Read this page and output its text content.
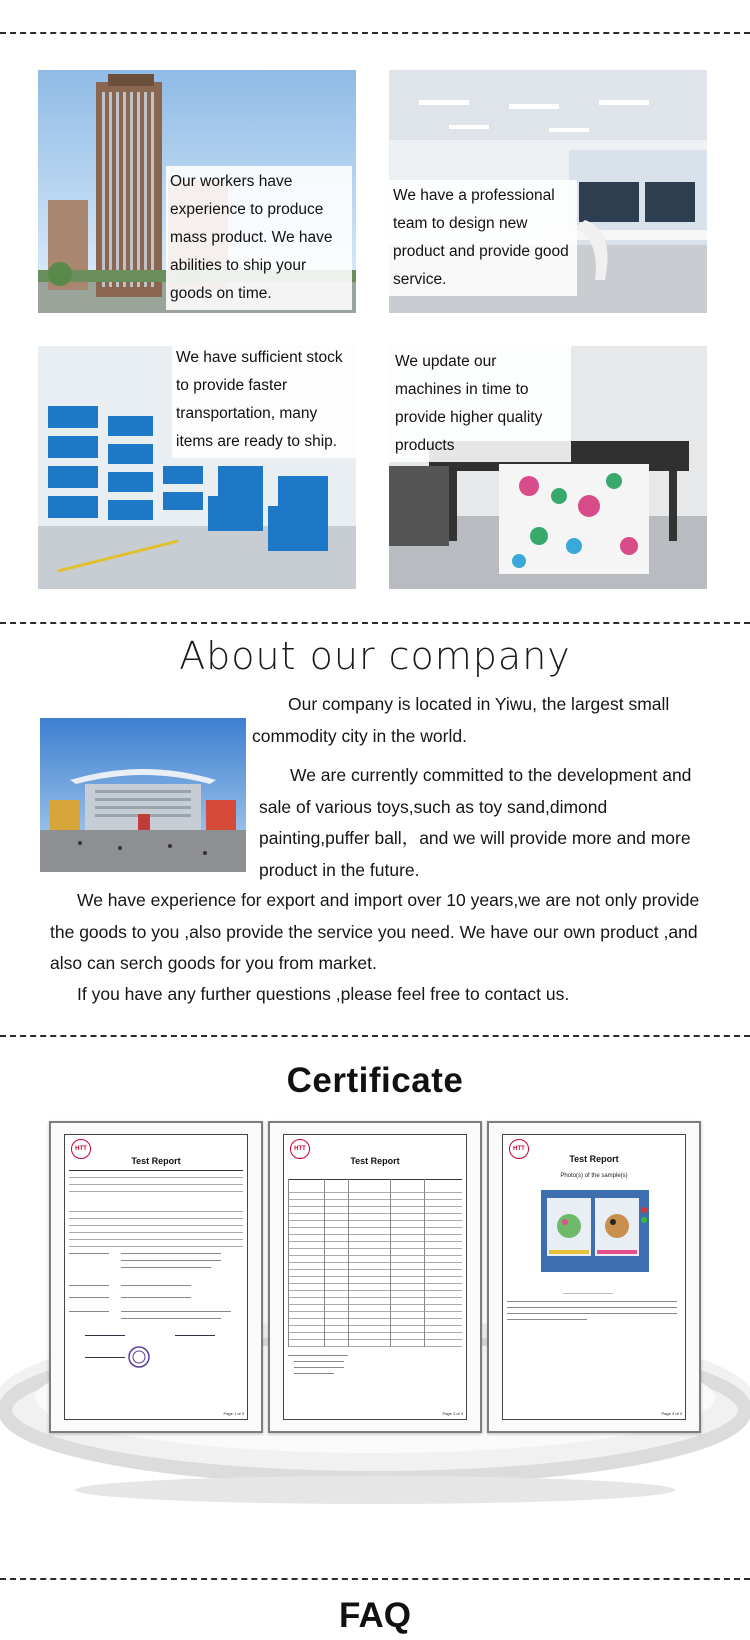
Our workers have experience to produce mass product. We have abilities to ship your goods on time.
We have a professional team to design new product and provide good service.
We have sufficient stock to provide faster transportation, many items are ready to ship.
We update our machines in time to provide higher quality products
About our company
Our company is located in Yiwu, the largest small commodity city in the world.
We are currently committed to the development and sale of various toys,such as toy sand,dimond painting,puffer ball，and we will provide more and more product in the future.
We have experience for export and import over 10 years,we are not only provide the goods to you ,also provide the service you need. We have our own product ,and also can serch goods for you from market.
If you have any further questions ,please feel free to contact us.
Certificate
HTT
Test Report
Page 1 of 3
HTT
Test Report
Page 2 of 3
HTT
Test Report
Photo(s) of the sample(s)
Page 3 of 3
FAQ
